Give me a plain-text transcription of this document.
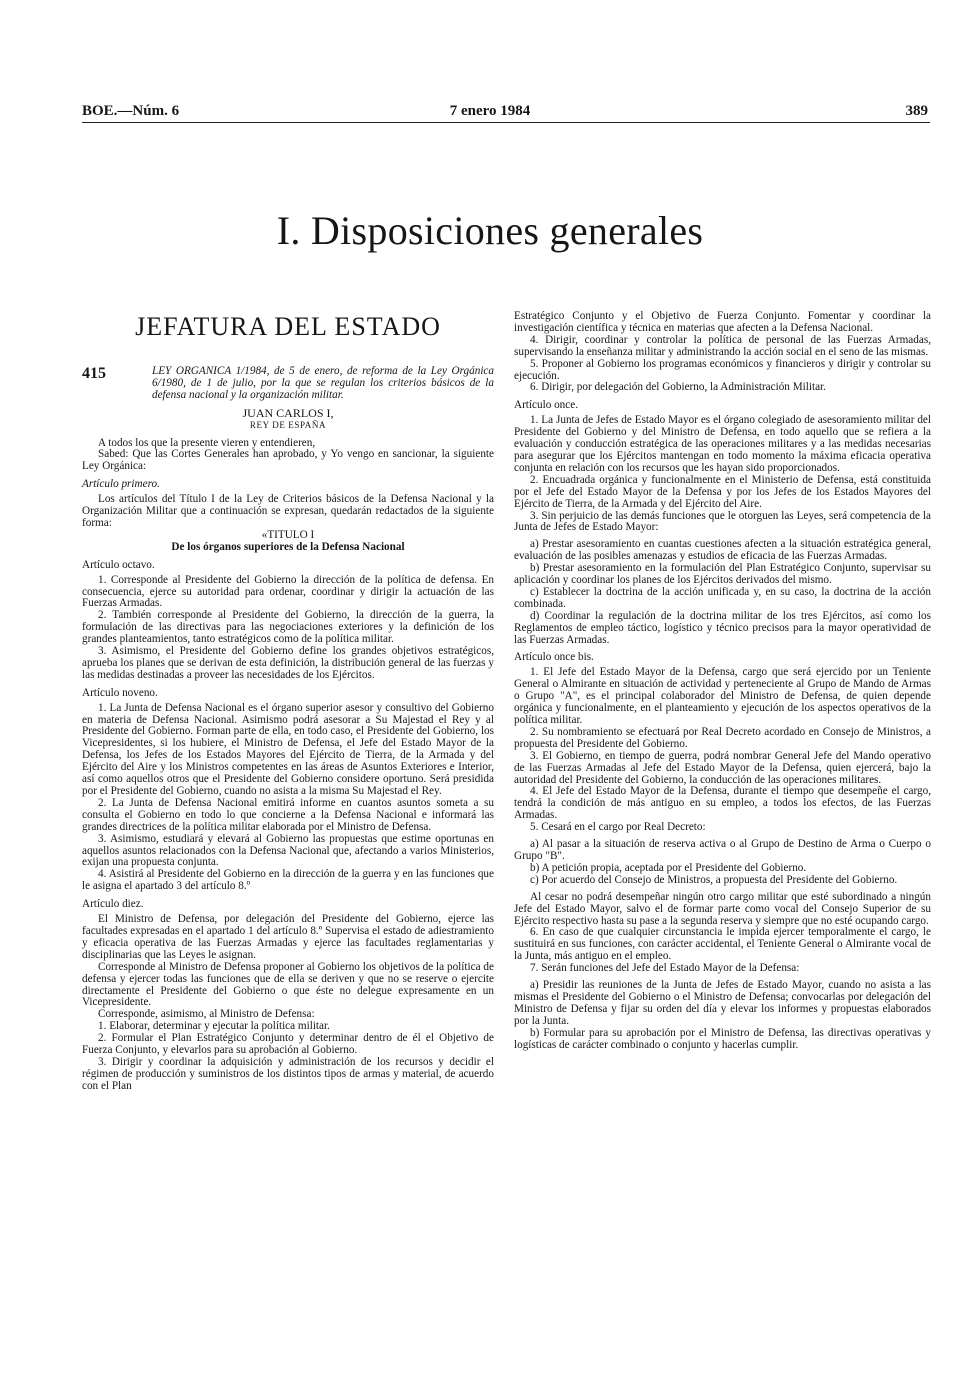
BOE.—Núm. 6	7 enero 1984	389
I. Disposiciones generales
JEFATURA DEL ESTADO
415	LEY ORGANICA 1/1984, de 5 de enero, de reforma de la Ley Orgánica 6/1980, de 1 de julio, por la que se regulan los criterios básicos de la defensa nacional y la organización militar.
JUAN CARLOS I,
REY DE ESPAÑA

A todos los que la presente vieren y entendieren,

Sabed: Que las Cortes Generales han aprobado, y Yo vengo en sancionar, la siguiente Ley Orgánica:

Artículo primero.

Los artículos del Título I de la Ley de Criterios básicos de la Defensa Nacional y la Organización Militar que a continuación se expresan, quedarán redactados de la siguiente forma:

«TITULO I

De los órganos superiores de la Defensa Nacional

Artículo octavo.

1. Corresponde al Presidente del Gobierno la dirección de la política de defensa. En consecuencia, ejerce su autoridad para ordenar, coordinar y dirigir la actuación de las Fuerzas Armadas.

2. También corresponde al Presidente del Gobierno, la dirección de la guerra, la formulación de las directivas para las negociaciones exteriores y la definición de los grandes planteamientos, tanto estratégicos como de la política militar.

3. Asimismo, el Presidente del Gobierno define los grandes objetivos estratégicos, aprueba los planes que se derivan de esta definición, la distribución general de las fuerzas y las medidas destinadas a proveer las necesidades de los Ejércitos.

Artículo noveno.

1. La Junta de Defensa Nacional es el órgano superior asesor y consultivo del Gobierno en materia de Defensa Nacional. Asimismo podrá asesorar a Su Majestad el Rey y al Presidente del Gobierno. Forman parte de ella, en todo caso, el Presidente del Gobierno, los Vicepresidentes, si los hubiere, el Ministro de Defensa, el Jefe del Estado Mayor de la Defensa, los Jefes de los Estados Mayores del Ejército de Tierra, de la Armada y del Ejército del Aire y los Ministros competentes en las áreas de Asuntos Exteriores e Interior, así como aquellos otros que el Presidente del Gobierno considere oportuno. Será presidida por el Presidente del Gobierno, cuando no asista a la misma Su Majestad el Rey.

2. La Junta de Defensa Nacional emitirá informe en cuantos asuntos someta a su consulta el Gobierno en todo lo que concierne a la Defensa Nacional e informará las grandes directrices de la política militar elaborada por el Ministro de Defensa.

3. Asimismo, estudiará y elevará al Gobierno las propuestas que estime oportunas en aquellos asuntos relacionados con la Defensa Nacional que, afectando a varios Ministerios, exijan una propuesta conjunta.

4. Asistirá al Presidente del Gobierno en la dirección de la guerra y en las funciones que le asigna el apartado 3 del artículo 8.º

Artículo diez.

El Ministro de Defensa, por delegación del Presidente del Gobierno, ejerce las facultades expresadas en el apartado 1 del artículo 8.º Supervisa el estado de adiestramiento y eficacia operativa de las Fuerzas Armadas y ejerce las facultades reglamentarias y disciplinarias que las Leyes le asignan.

Corresponde al Ministro de Defensa proponer al Gobierno los objetivos de la política de defensa y ejercer todas las funciones que de ella se deriven y que no se reserve o ejercite directamente el Presidente del Gobierno o que éste no delegue expresamente en un Vicepresidente.

Corresponde, asimismo, al Ministro de Defensa:

1. Elaborar, determinar y ejecutar la política militar.

2. Formular el Plan Estratégico Conjunto y determinar dentro de él el Objetivo de Fuerza Conjunto, y elevarlos para su aprobación al Gobierno.

3. Dirigir y coordinar la adquisición y administración de los recursos y decidir el régimen de producción y suministros de los distintos tipos de armas y material, de acuerdo con el Plan

Estratégico Conjunto y el Objetivo de Fuerza Conjunto. Fomentar y coordinar la investigación científica y técnica en materias que afecten a la Defensa Nacional.

4. Dirigir, coordinar y controlar la política de personal de las Fuerzas Armadas, supervisando la enseñanza militar y administrando la acción social en el seno de las mismas.

5. Proponer al Gobierno los programas económicos y financieros y dirigir y controlar su ejecución.

6. Dirigir, por delegación del Gobierno, la Administración Militar.

Artículo once.

1. La Junta de Jefes de Estado Mayor es el órgano colegiado de asesoramiento militar del Presidente del Gobierno y del Ministro de Defensa, en todo aquello que se refiera a la evaluación y conducción estratégica de las operaciones militares y a las medidas necesarias para asegurar que los Ejércitos mantengan en todo momento la máxima eficacia operativa conjunta en relación con los recursos que les hayan sido proporcionados.

2. Encuadrada orgánica y funcionalmente en el Ministerio de Defensa, está constituida por el Jefe del Estado Mayor de la Defensa y por los Jefes de los Estados Mayores del Ejército de Tierra, de la Armada y del Ejército del Aire.

3. Sin perjuicio de las demás funciones que le otorguen las Leyes, será competencia de la Junta de Jefes de Estado Mayor:

a) Prestar asesoramiento en cuantas cuestiones afecten a la situación estratégica general, evaluación de las posibles amenazas y estudios de eficacia de las Fuerzas Armadas.

b) Prestar asesoramiento en la formulación del Plan Estratégico Conjunto, supervisar su aplicación y coordinar los planes de los Ejércitos derivados del mismo.

c) Establecer la doctrina de la acción unificada y, en su caso, la doctrina de la acción combinada.

d) Coordinar la regulación de la doctrina militar de los tres Ejércitos, así como los Reglamentos de empleo táctico, logístico y técnico precisos para la mayor operatividad de las Fuerzas Armadas.

Artículo once bis.

1. El Jefe del Estado Mayor de la Defensa, cargo que será ejercido por un Teniente General o Almirante en situación de actividad y perteneciente al Grupo de Mando de Armas o Grupo "A", es el principal colaborador del Ministro de Defensa, de quien depende orgánica y funcionalmente, en el planteamiento y ejecución de los aspectos operativos de la política militar.

2. Su nombramiento se efectuará por Real Decreto acordado en Consejo de Ministros, a propuesta del Presidente del Gobierno.

3. El Gobierno, en tiempo de guerra, podrá nombrar General Jefe del Mando operativo de las Fuerzas Armadas al Jefe del Estado Mayor de la Defensa, quien ejercerá, bajo la autoridad del Presidente del Gobierno, la conducción de las operaciones militares.

4. El Jefe del Estado Mayor de la Defensa, durante el tiempo que desempeñe el cargo, tendrá la condición de más antiguo en su empleo, a todos los efectos, de las Fuerzas Armadas.

5. Cesará en el cargo por Real Decreto:

a) Al pasar a la situación de reserva activa o al Grupo de Destino de Arma o Cuerpo o Grupo "B".

b) A petición propia, aceptada por el Presidente del Gobierno.

c) Por acuerdo del Consejo de Ministros, a propuesta del Presidente del Gobierno.

Al cesar no podrá desempeñar ningún otro cargo militar que esté subordinado a ningún Jefe del Estado Mayor, salvo el de formar parte como vocal del Consejo Superior de su Ejército respectivo hasta su pase a la segunda reserva y siempre que no esté ocupando cargo.

6. En caso de que cualquier circunstancia le impida ejercer temporalmente el cargo, le sustituirá en sus funciones, con carácter accidental, el Teniente General o Almirante vocal de la Junta, más antiguo en el empleo.

7. Serán funciones del Jefe del Estado Mayor de la Defensa:

a) Presidir las reuniones de la Junta de Jefes de Estado Mayor, cuando no asista a las mismas el Presidente del Gobierno o el Ministro de Defensa; convocarlas por delegación del Ministro de Defensa y fijar su orden del día y elevar los informes y propuestas elaborados por la Junta.

b) Formular para su aprobación por el Ministro de Defensa, las directivas operativas y logísticas de carácter combinado o conjunto y hacerlas cumplir.
